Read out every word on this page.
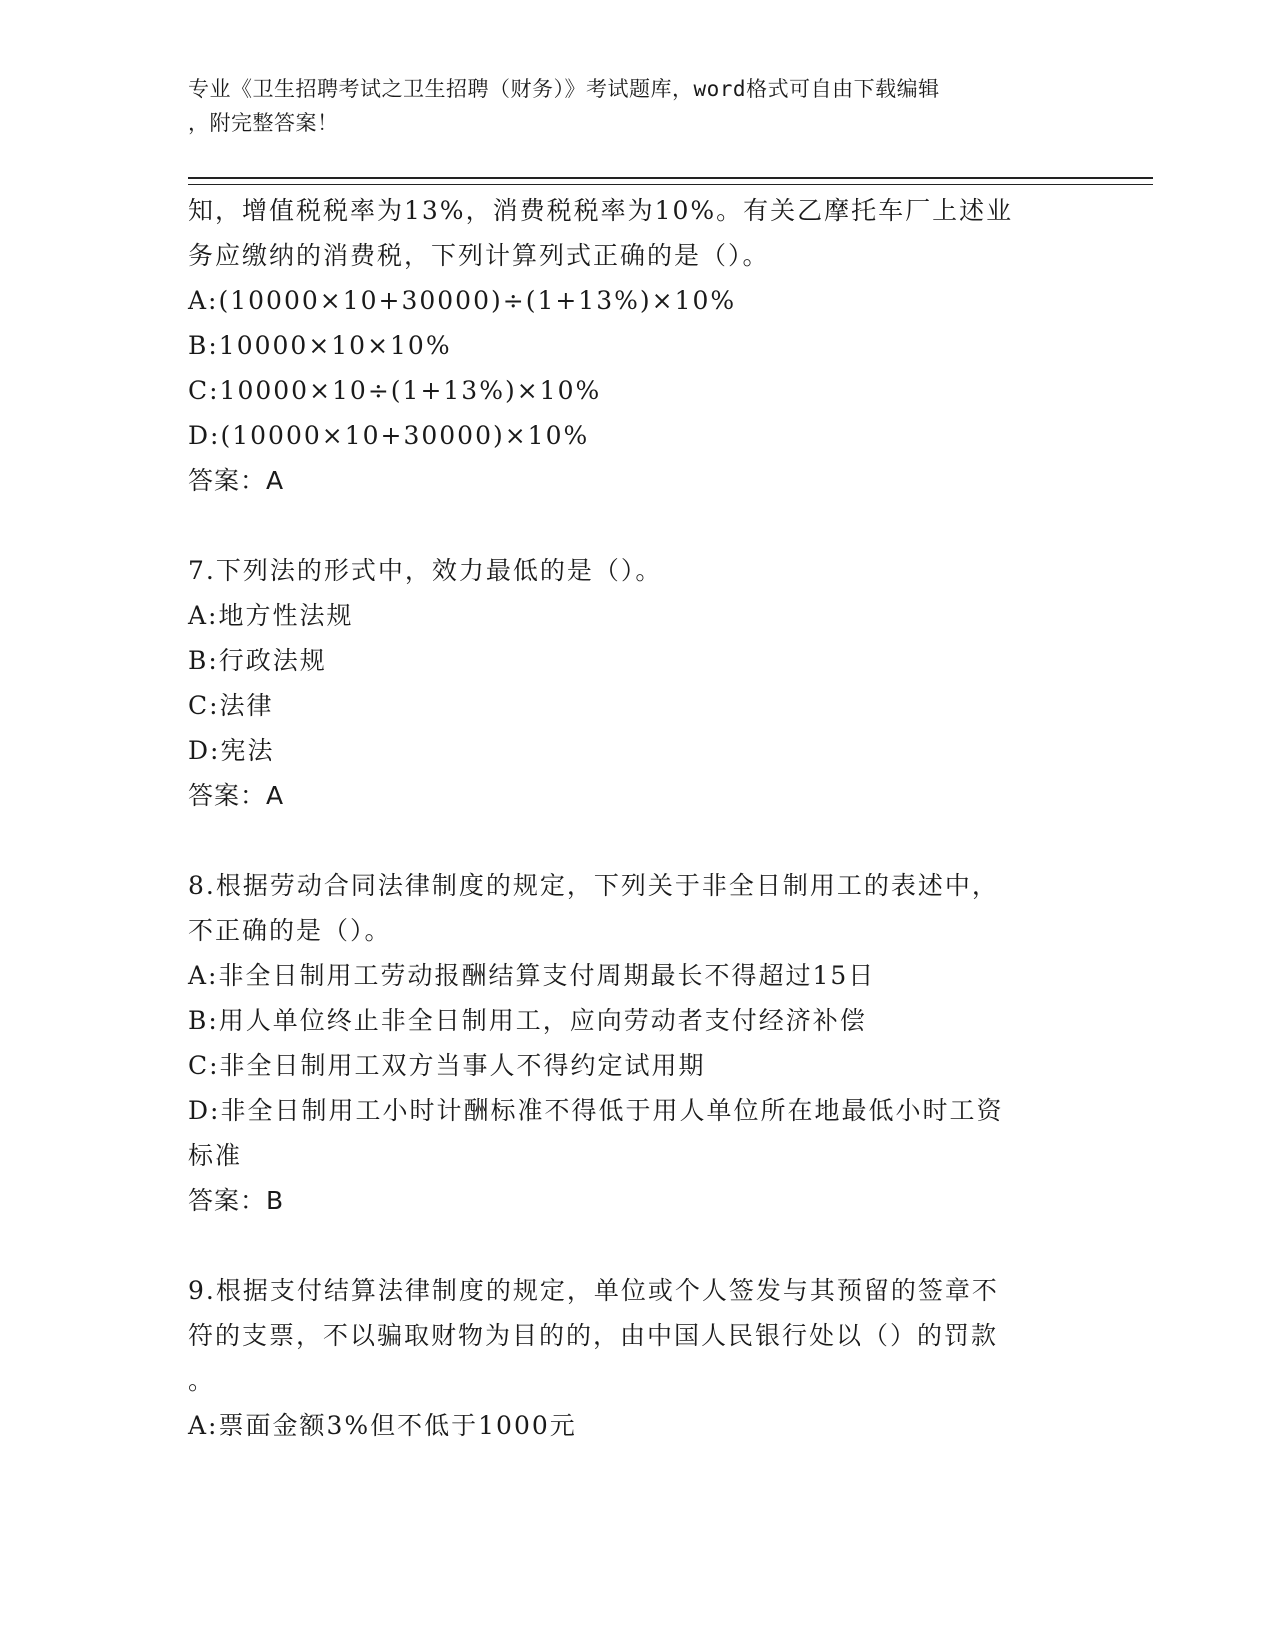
专业《卫生招聘考试之卫生招聘（财务）》考试题库，word格式可自由下载编辑
，附完整答案！
知，增值税税率为13%，消费税税率为10%。有关乙摩托车厂上述业
务应缴纳的消费税，下列计算列式正确的是（）。
A:(10000×10+30000)÷(1+13%)×10%
B:10000×10×10%
C:10000×10÷(1+13%)×10%
D:(10000×10+30000)×10%
答案：A
7.下列法的形式中，效力最低的是（）。
A:地方性法规
B:行政法规
C:法律
D:宪法
答案：A
8.根据劳动合同法律制度的规定，下列关于非全日制用工的表述中，
不正确的是（）。
A:非全日制用工劳动报酬结算支付周期最长不得超过15日
B:用人单位终止非全日制用工，应向劳动者支付经济补偿
C:非全日制用工双方当事人不得约定试用期
D:非全日制用工小时计酬标准不得低于用人单位所在地最低小时工资
标准
答案：B
9.根据支付结算法律制度的规定，单位或个人签发与其预留的签章不
符的支票，不以骗取财物为目的的，由中国人民银行处以（）的罚款
。
A:票面金额3%但不低于1000元
